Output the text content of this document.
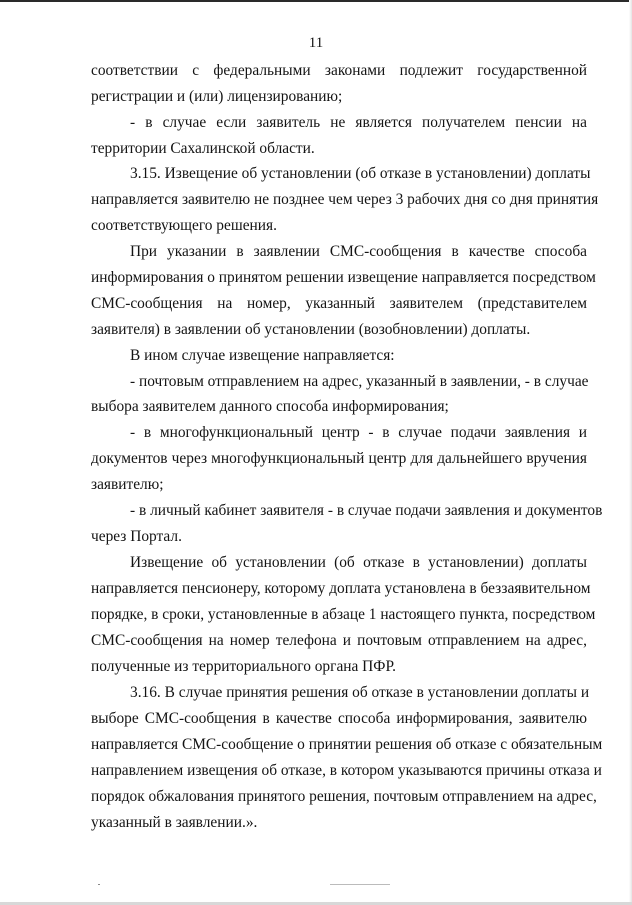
11
соответствии с федеральными законами подлежит государственной
регистрации и (или) лицензированию;
- в случае если заявитель не является получателем пенсии на
территории Сахалинской области.
3.15. Извещение об установлении (об отказе в установлении) доплаты
направляется заявителю не позднее чем через 3 рабочих дня со дня принятия
соответствующего решения.
При указании в заявлении СМС-сообщения в качестве способа
информирования о принятом решении извещение направляется посредством
СМС-сообщения на номер, указанный заявителем (представителем
заявителя) в заявлении об установлении (возобновлении) доплаты.
В ином случае извещение направляется:
- почтовым отправлением на адрес, указанный в заявлении, - в случае
выбора заявителем данного способа информирования;
- в многофункциональный центр - в случае подачи заявления и
документов через многофункциональный центр для дальнейшего вручения
заявителю;
- в личный кабинет заявителя - в случае подачи заявления и документов
через Портал.
Извещение об установлении (об отказе в установлении) доплаты
направляется пенсионеру, которому доплата установлена в беззаявительном
порядке, в сроки, установленные в абзаце 1 настоящего пункта, посредством
СМС-сообщения на номер телефона и почтовым отправлением на адрес,
полученные из территориального органа ПФР.
3.16. В случае принятия решения об отказе в установлении доплаты и
выборе СМС-сообщения в качестве способа информирования, заявителю
направляется СМС-сообщение о принятии решения об отказе с обязательным
направлением извещения об отказе, в котором указываются причины отказа и
порядок обжалования принятого решения, почтовым отправлением на адрес,
указанный в заявлении.».
